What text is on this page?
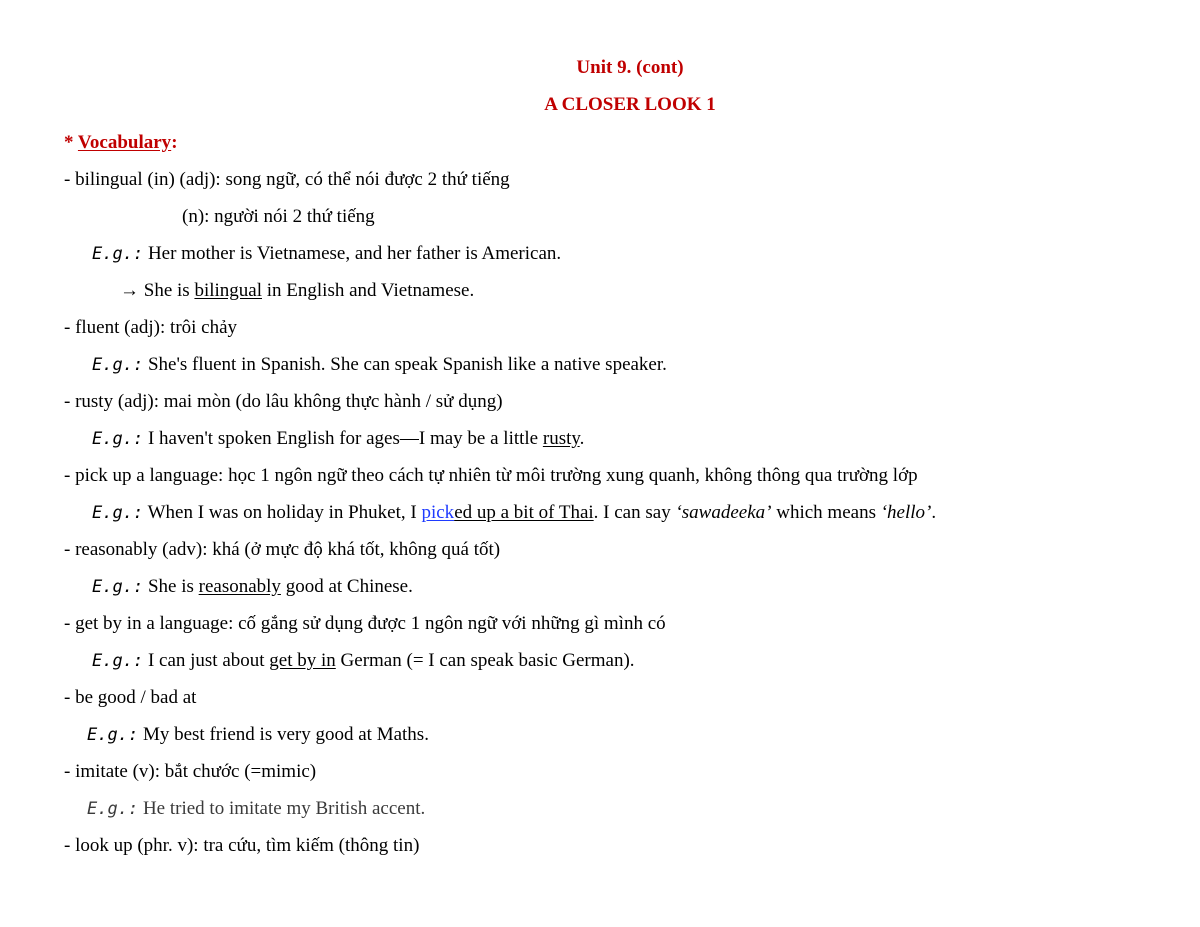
Unit 9. (cont)
A CLOSER LOOK 1
* Vocabulary:
- bilingual (in) (adj): song ngữ, có thể nói được 2 thứ tiếng
(n): người nói 2 thứ tiếng
E.g.: Her mother is Vietnamese, and her father is American.
→ She is bilingual in English and Vietnamese.
- fluent (adj): trôi chảy
E.g.: She's fluent in Spanish. She can speak Spanish like a native speaker.
- rusty (adj): mai mòn (do lâu không thực hành / sử dụng)
E.g.: I haven't spoken English for ages—I may be a little rusty.
- pick up a language: học 1 ngôn ngữ theo cách tự nhiên từ môi trường xung quanh, không thông qua trường lớp
E.g.: When I was on holiday in Phuket, I picked up a bit of Thai. I can say ‘sawadeeka’ which means ‘hello’.
- reasonably (adv): khá (ở mực độ khá tốt, không quá tốt)
E.g.: She is reasonably good at Chinese.
- get by in a language: cố gắng sử dụng được 1 ngôn ngữ với những gì mình có
E.g.: I can just about get by in German (= I can speak basic German).
- be good / bad at
E.g.: My best friend is very good at Maths.
- imitate (v): bắt chước (=mimic)
E.g.: He tried to imitate my British accent.
- look up (phr. v): tra cứu, tìm kiếm (thông tin)
